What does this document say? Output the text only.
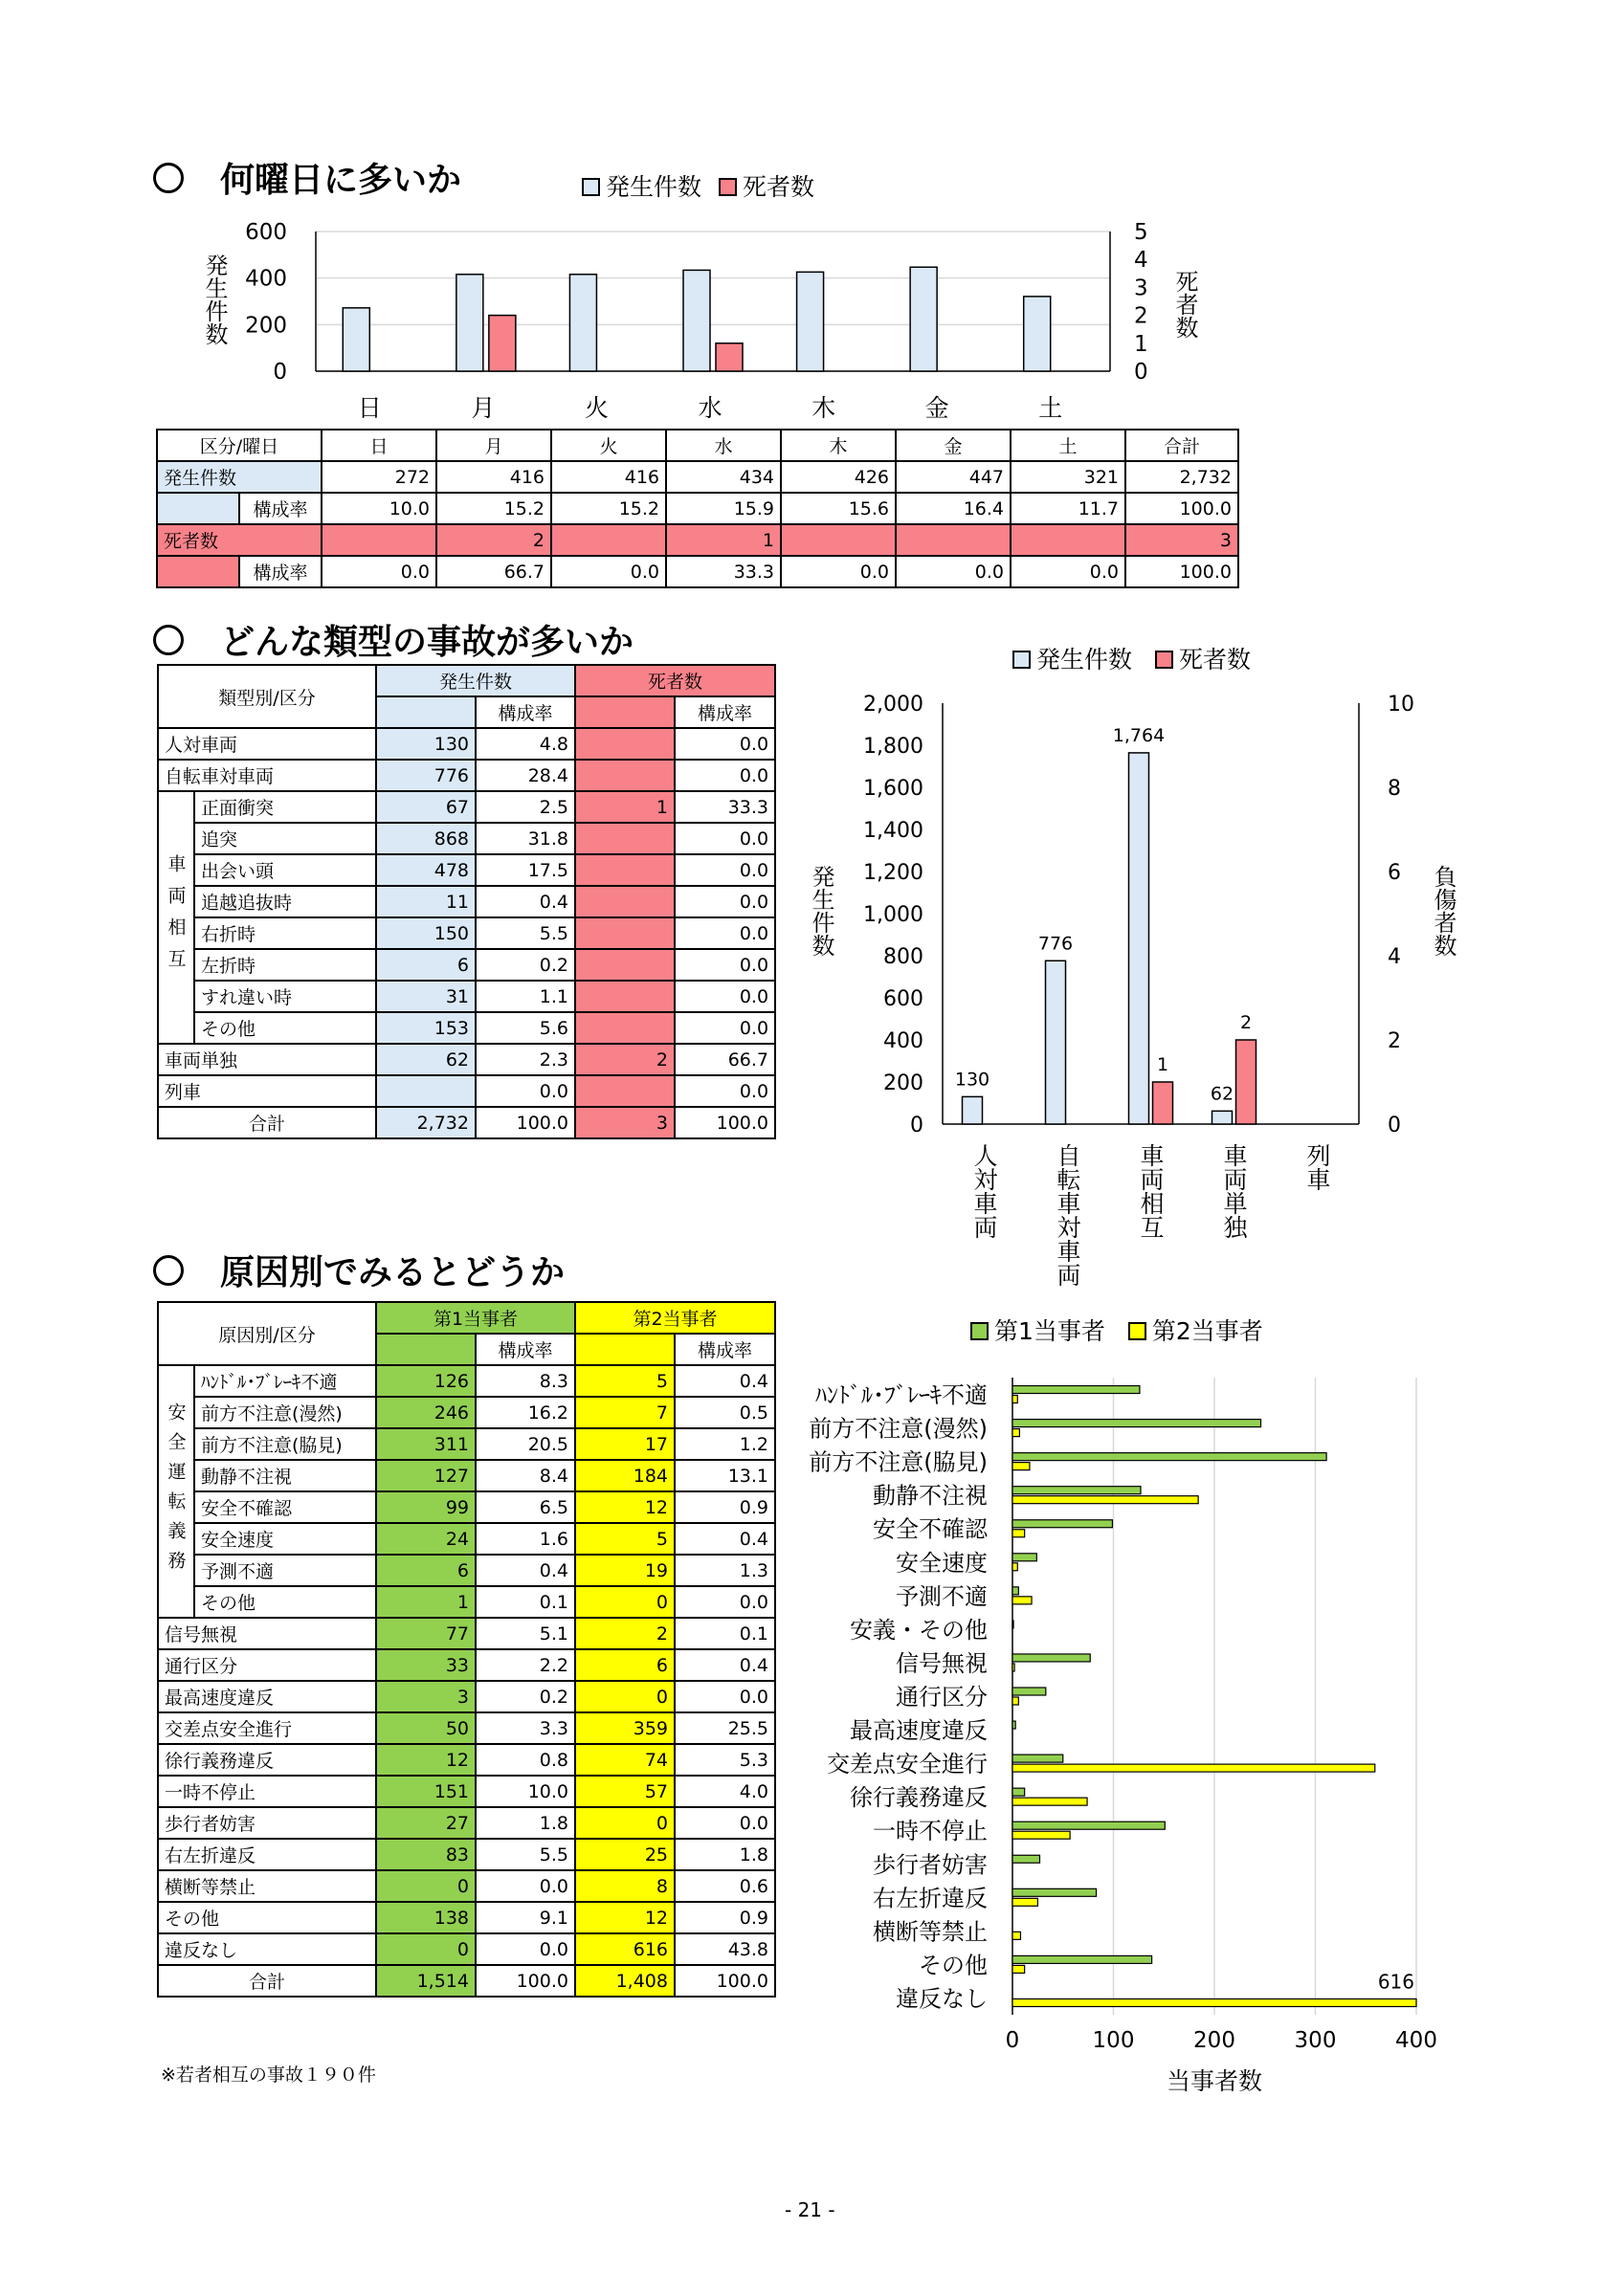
何曜日に多いか	発生件数 死者数
発生件数	死者数
0
200
400
600
0
1
2
3
4
5
日	月	火	水	木	金	土
区分/曜日		日	月	火	水	木	金	土	合計
発生件数		272	416	416	434	426	447	321	2,732
	構成率	10.0	15.2	15.2	15.9	15.6	16.4	11.7	100.0
死者数			2		1				3
	構成率	0.0	66.7	0.0	33.3	0.0	0.0	0.0	100.0
どんな類型の事故が多いか	発生件数 死者数
類型別/区分		発生件数		死者数	
			構成率		構成率
人対車両		130	4.8		0.0
自転車対車両		776	28.4		0.0
車両相互	正面衝突	67	2.5	1	33.3
	追突	868	31.8		0.0
	出会い頭	478	17.5		0.0
	追越追抜時	11	0.4		0.0
	右折時	150	5.5		0.0
	左折時	6	0.2		0.0
	すれ違い時	31	1.1		0.0
	その他	153	5.6		0.0
車両単独		62	2.3	2	66.7
列車			0.0		0.0
合計		2,732	100.0	3	100.0
発生件数	負傷者数
0
200
400
600
800
1,000
1,200
1,400
1,600
1,800
2,000
0
2
4
6
8
10
130
人対車両
776
自転車対車両
1,764
1
車両相互
62
2
車両単独 列車
原因別でみるとどうか
第1当事者 第2当事者
原因別/区分		第1当事者		第2当事者	
			構成率		構成率
安全運転義務	ﾊﾝﾄﾞﾙ･ﾌﾞﾚｰｷ不適	126	8.3	5	0.4
	前方不注意(漫然)	246	16.2	7	0.5
	前方不注意(脇見)	311	20.5	17	1.2
	動静不注視	127	8.4	184	13.1
	安全不確認	99	6.5	12	0.9
	安全速度	24	1.6	5	0.4
	予測不適	6	0.4	19	1.3
	その他	1	0.1	0	0.0
信号無視		77	5.1	2	0.1
通行区分		33	2.2	6	0.4
最高速度違反		3	0.2	0	0.0
交差点安全進行		50	3.3	359	25.5
徐行義務違反		12	0.8	74	5.3
一時不停止		151	10.0	57	4.0
歩行者妨害		27	1.8	0	0.0
右左折違反		83	5.5	25	1.8
横断等禁止		0	0.0	8	0.6
その他		138	9.1	12	0.9
違反なし		0	0.0	616	43.8
合計		1,514	100.0	1,408	100.0
※若者相互の事故１９０件
0	100	200	300	400
当事者数
ﾊﾝﾄﾞﾙ･ﾌﾞﾚｰｷ不適
前方不注意(漫然)
前方不注意(脇見)
動静不注視
安全不確認
安全速度
予測不適
安義・その他
信号無視
通行区分
最高速度違反
交差点安全進行
徐行義務違反
一時不停止
歩行者妨害
右左折違反
横断等禁止
その他
違反なし
616
- 21 -
